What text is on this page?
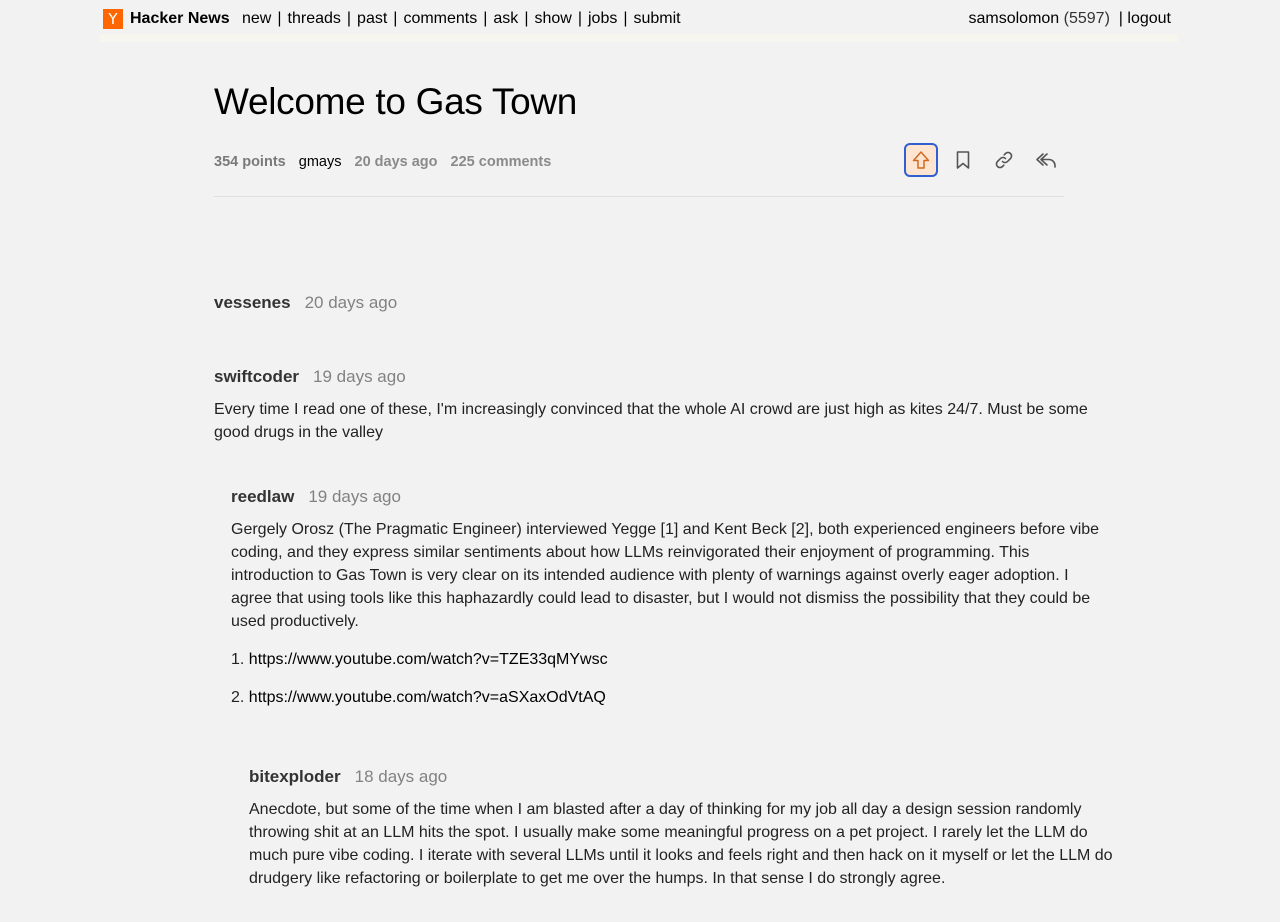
Y Hacker News new | threads | past | comments | ask | show | jobs | submit	samsolomon (5597)  | logout
Welcome to Gas Town
354 points gmays 20 days ago 225 comments
vessenes 20 days ago
swiftcoder 19 days ago

Every time I read one of these, I'm increasingly convinced that the whole AI crowd are just high as kites 24/7. Must be some good drugs in the valley

reedlaw 19 days ago

Gergely Orosz (The Pragmatic Engineer) interviewed Yegge [1] and Kent Beck [2], both experienced engineers before vibe coding, and they express similar sentiments about how LLMs reinvigorated their enjoyment of programming. This introduction to Gas Town is very clear on its intended audience with plenty of warnings against overly eager adoption. I agree that using tools like this haphazardly could lead to disaster, but I would not dismiss the possibility that they could be used productively.

1. https://www.youtube.com/watch?v=TZE33qMYwsc

2. https://www.youtube.com/watch?v=aSXaxOdVtAQ

bitexploder 18 days ago

Anecdote, but some of the time when I am blasted after a day of thinking for my job all day a design session randomly throwing shit at an LLM hits the spot. I usually make some meaningful progress on a pet project. I rarely let the LLM do much pure vibe coding. I iterate with several LLMs until it looks and feels right and then hack on it myself or let the LLM do drudgery like refactoring or boilerplate to get me over the humps. In that sense I do strongly agree.
